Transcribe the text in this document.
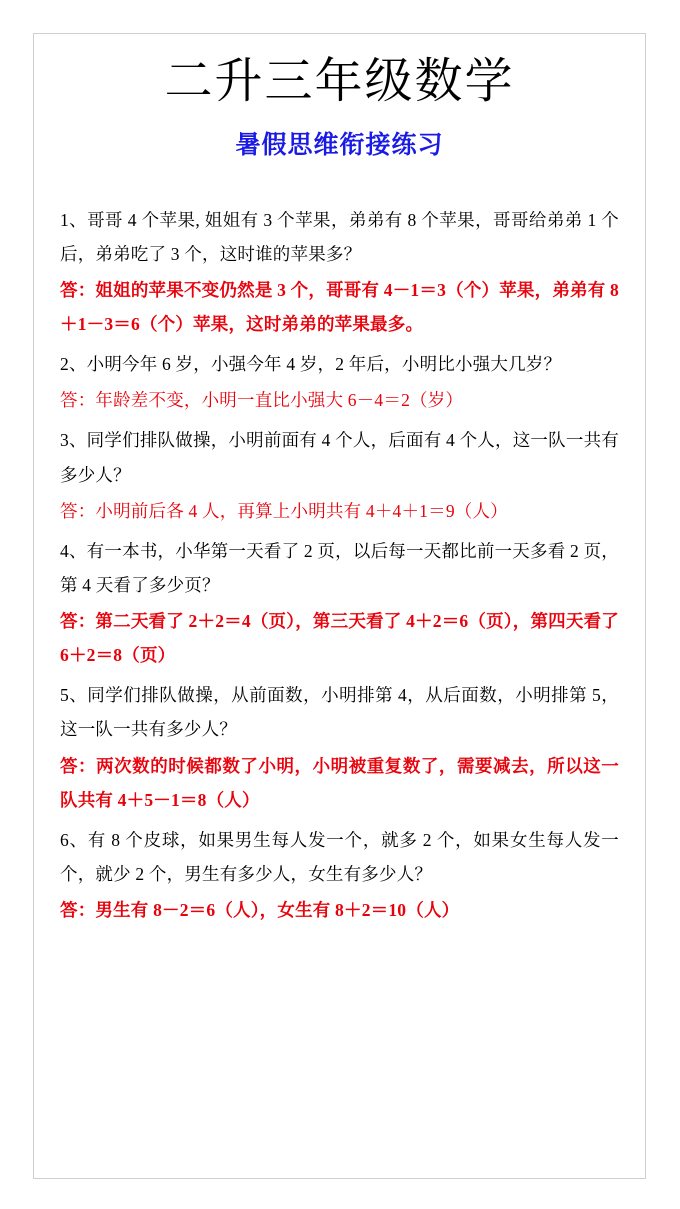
二升三年级数学
暑假思维衔接练习

1、哥哥 4 个苹果, 姐姐有 3 个苹果，弟弟有 8 个苹果，哥哥给弟弟 1 个后，弟弟吃了 3 个，这时谁的苹果多？

答：姐姐的苹果不变仍然是 3 个，哥哥有 4－1＝3（个）苹果，弟弟有 8＋1－3＝6（个）苹果，这时弟弟的苹果最多。

2、小明今年 6 岁，小强今年 4 岁，2 年后，小明比小强大几岁？

答：年龄差不变，小明一直比小强大 6－4＝2（岁）

3、同学们排队做操，小明前面有 4 个人，后面有 4 个人，这一队一共有多少人？

答：小明前后各 4 人，再算上小明共有 4＋4＋1＝9（人）

4、有一本书，小华第一天看了 2 页，以后每一天都比前一天多看 2 页，第 4 天看了多少页？

答：第二天看了 2＋2＝4（页），第三天看了 4＋2＝6（页），第四天看了 6＋2＝8（页）

5、同学们排队做操，从前面数，小明排第 4，从后面数，小明排第 5，这一队一共有多少人？

答：两次数的时候都数了小明，小明被重复数了，需要减去，所以这一队共有 4＋5－1＝8（人）

6、有 8 个皮球，如果男生每人发一个，就多 2 个，如果女生每人发一个，就少 2 个，男生有多少人，女生有多少人？

答：男生有 8－2＝6（人），女生有 8＋2＝10（人）
